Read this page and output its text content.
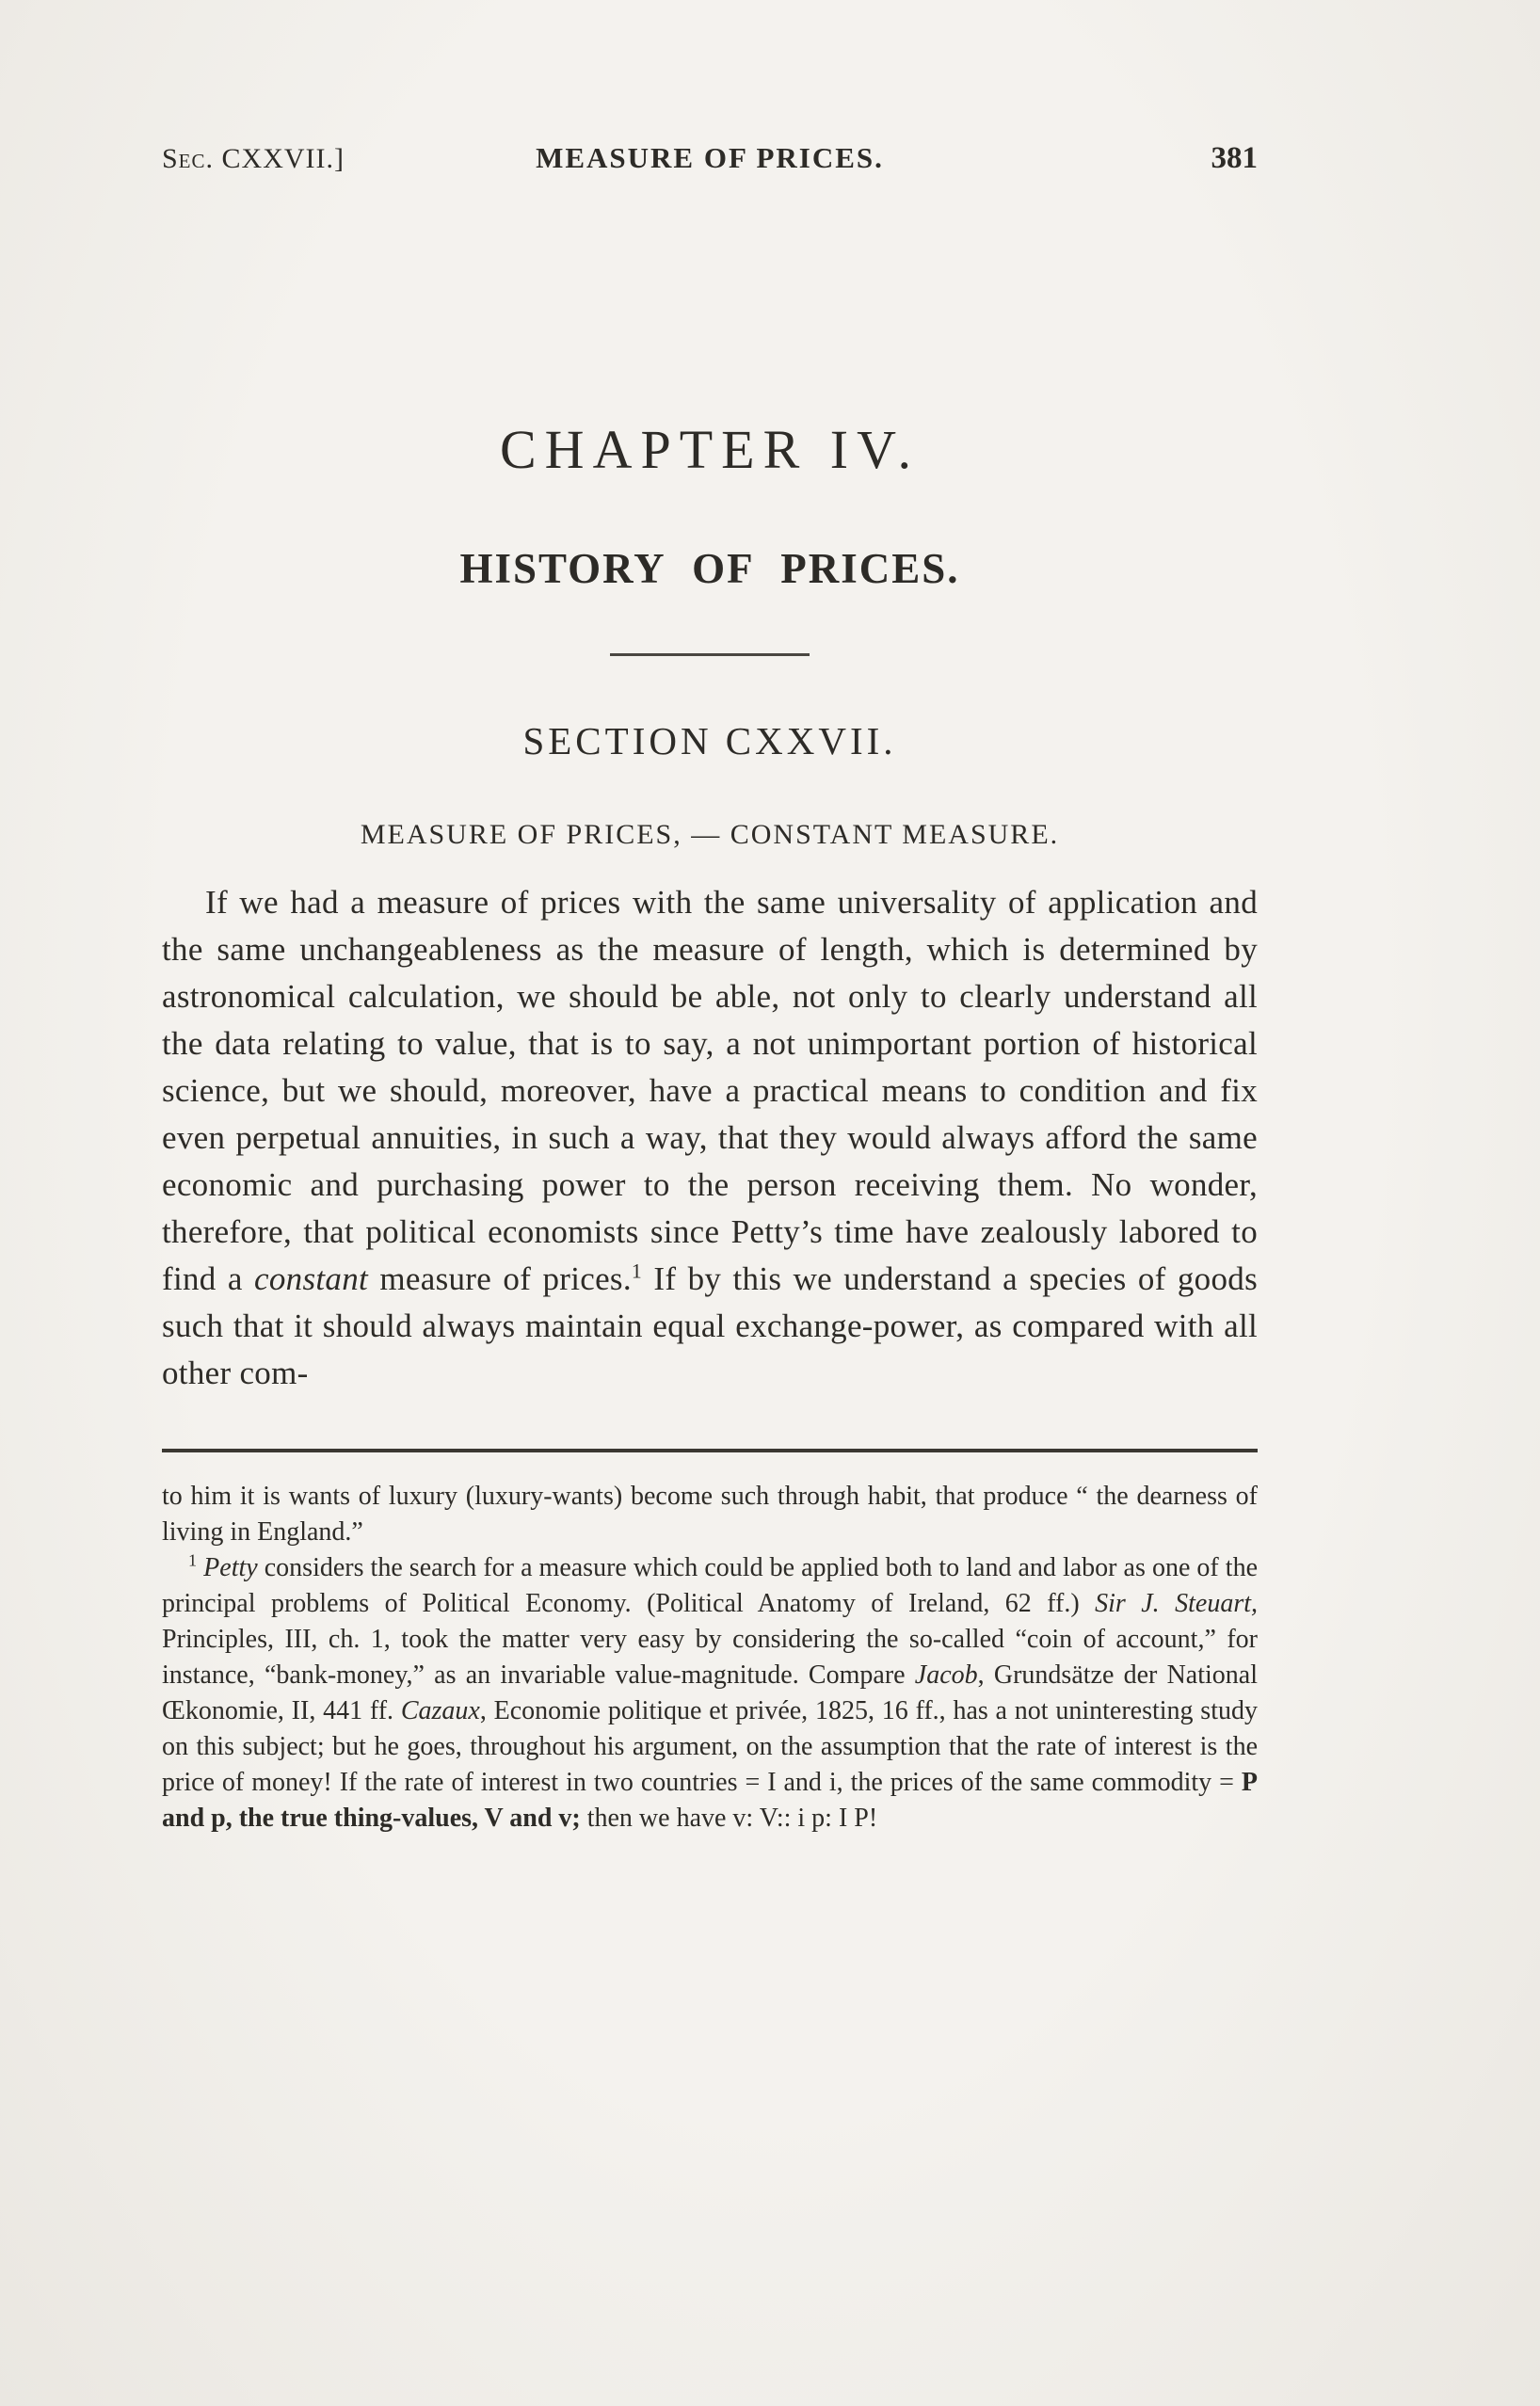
Sec. CXXVII.]	MEASURE OF PRICES.	381
CHAPTER IV.
HISTORY OF PRICES.
SECTION CXXVII.
MEASURE OF PRICES, — CONSTANT MEASURE.

If we had a measure of prices with the same universality of application and the same unchangeableness as the measure of length, which is determined by astronomical calculation, we should be able, not only to clearly understand all the data relating to value, that is to say, a not unimportant portion of historical science, but we should, moreover, have a practical means to condition and fix even perpetual annuities, in such a way, that they would always afford the same economic and purchasing power to the person receiving them. No wonder, therefore, that political economists since Petty’s time have zealously labored to find a constant measure of prices.$^1$ If by this we understand a species of goods such that it should always maintain equal exchange-power, as compared with all other com-

to him it is wants of luxury (luxury-wants) become such through habit, that produce “ the dearness of living in England.”

$^1$ Petty considers the search for a measure which could be applied both to land and labor as one of the principal problems of Political Economy. (Political Anatomy of Ireland, 62 ff.) Sir J. Steuart, Principles, III, ch. 1, took the matter very easy by considering the so-called “coin of account,” for instance, “bank-money,” as an invariable value-magnitude. Compare Jacob, Grundsätze der National Œkonomie, II, 441 ff. Cazaux, Economie politique et privée, 1825, 16 ff., has a not uninteresting study on this subject; but he goes, throughout his argument, on the assumption that the rate of interest is the price of money! If the rate of interest in two countries = I and i, the prices of the same commodity = P and p, the true thing-values, V and v; then we have v: V:: i p: I P!
